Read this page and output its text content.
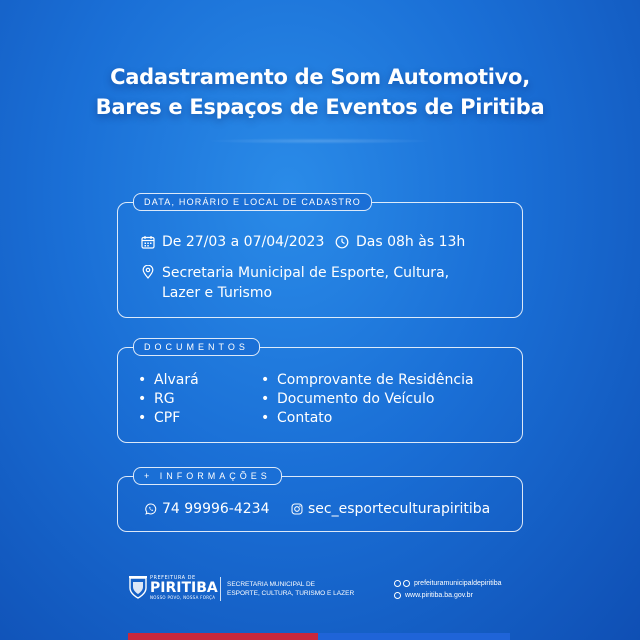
Cadastramento de Som Automotivo,
Bares e Espaços de Eventos de Piritiba
DATA, HORÁRIO E LOCAL DE CADASTRO
De 27/03 a 07/04/2023 Das 08h às 13h
Secretaria Municipal de Esporte, Cultura,
Lazer e Turismo
DOCUMENTOS
• Alvará
• RG
• CPF
• Comprovante de Residência
• Documento do Veículo
• Contato
+ INFORMAÇÕES
74 99996-4234	sec_esporteculturapiritiba
PREFEITURA DE
PIRITIBA
NOSSO POVO, NOSSA FORÇA
SECRETARIA MUNICIPAL DE
ESPORTE, CULTURA, TURISMO E LAZER
prefeituramunicipaldepiritiba
www.piritiba.ba.gov.br
